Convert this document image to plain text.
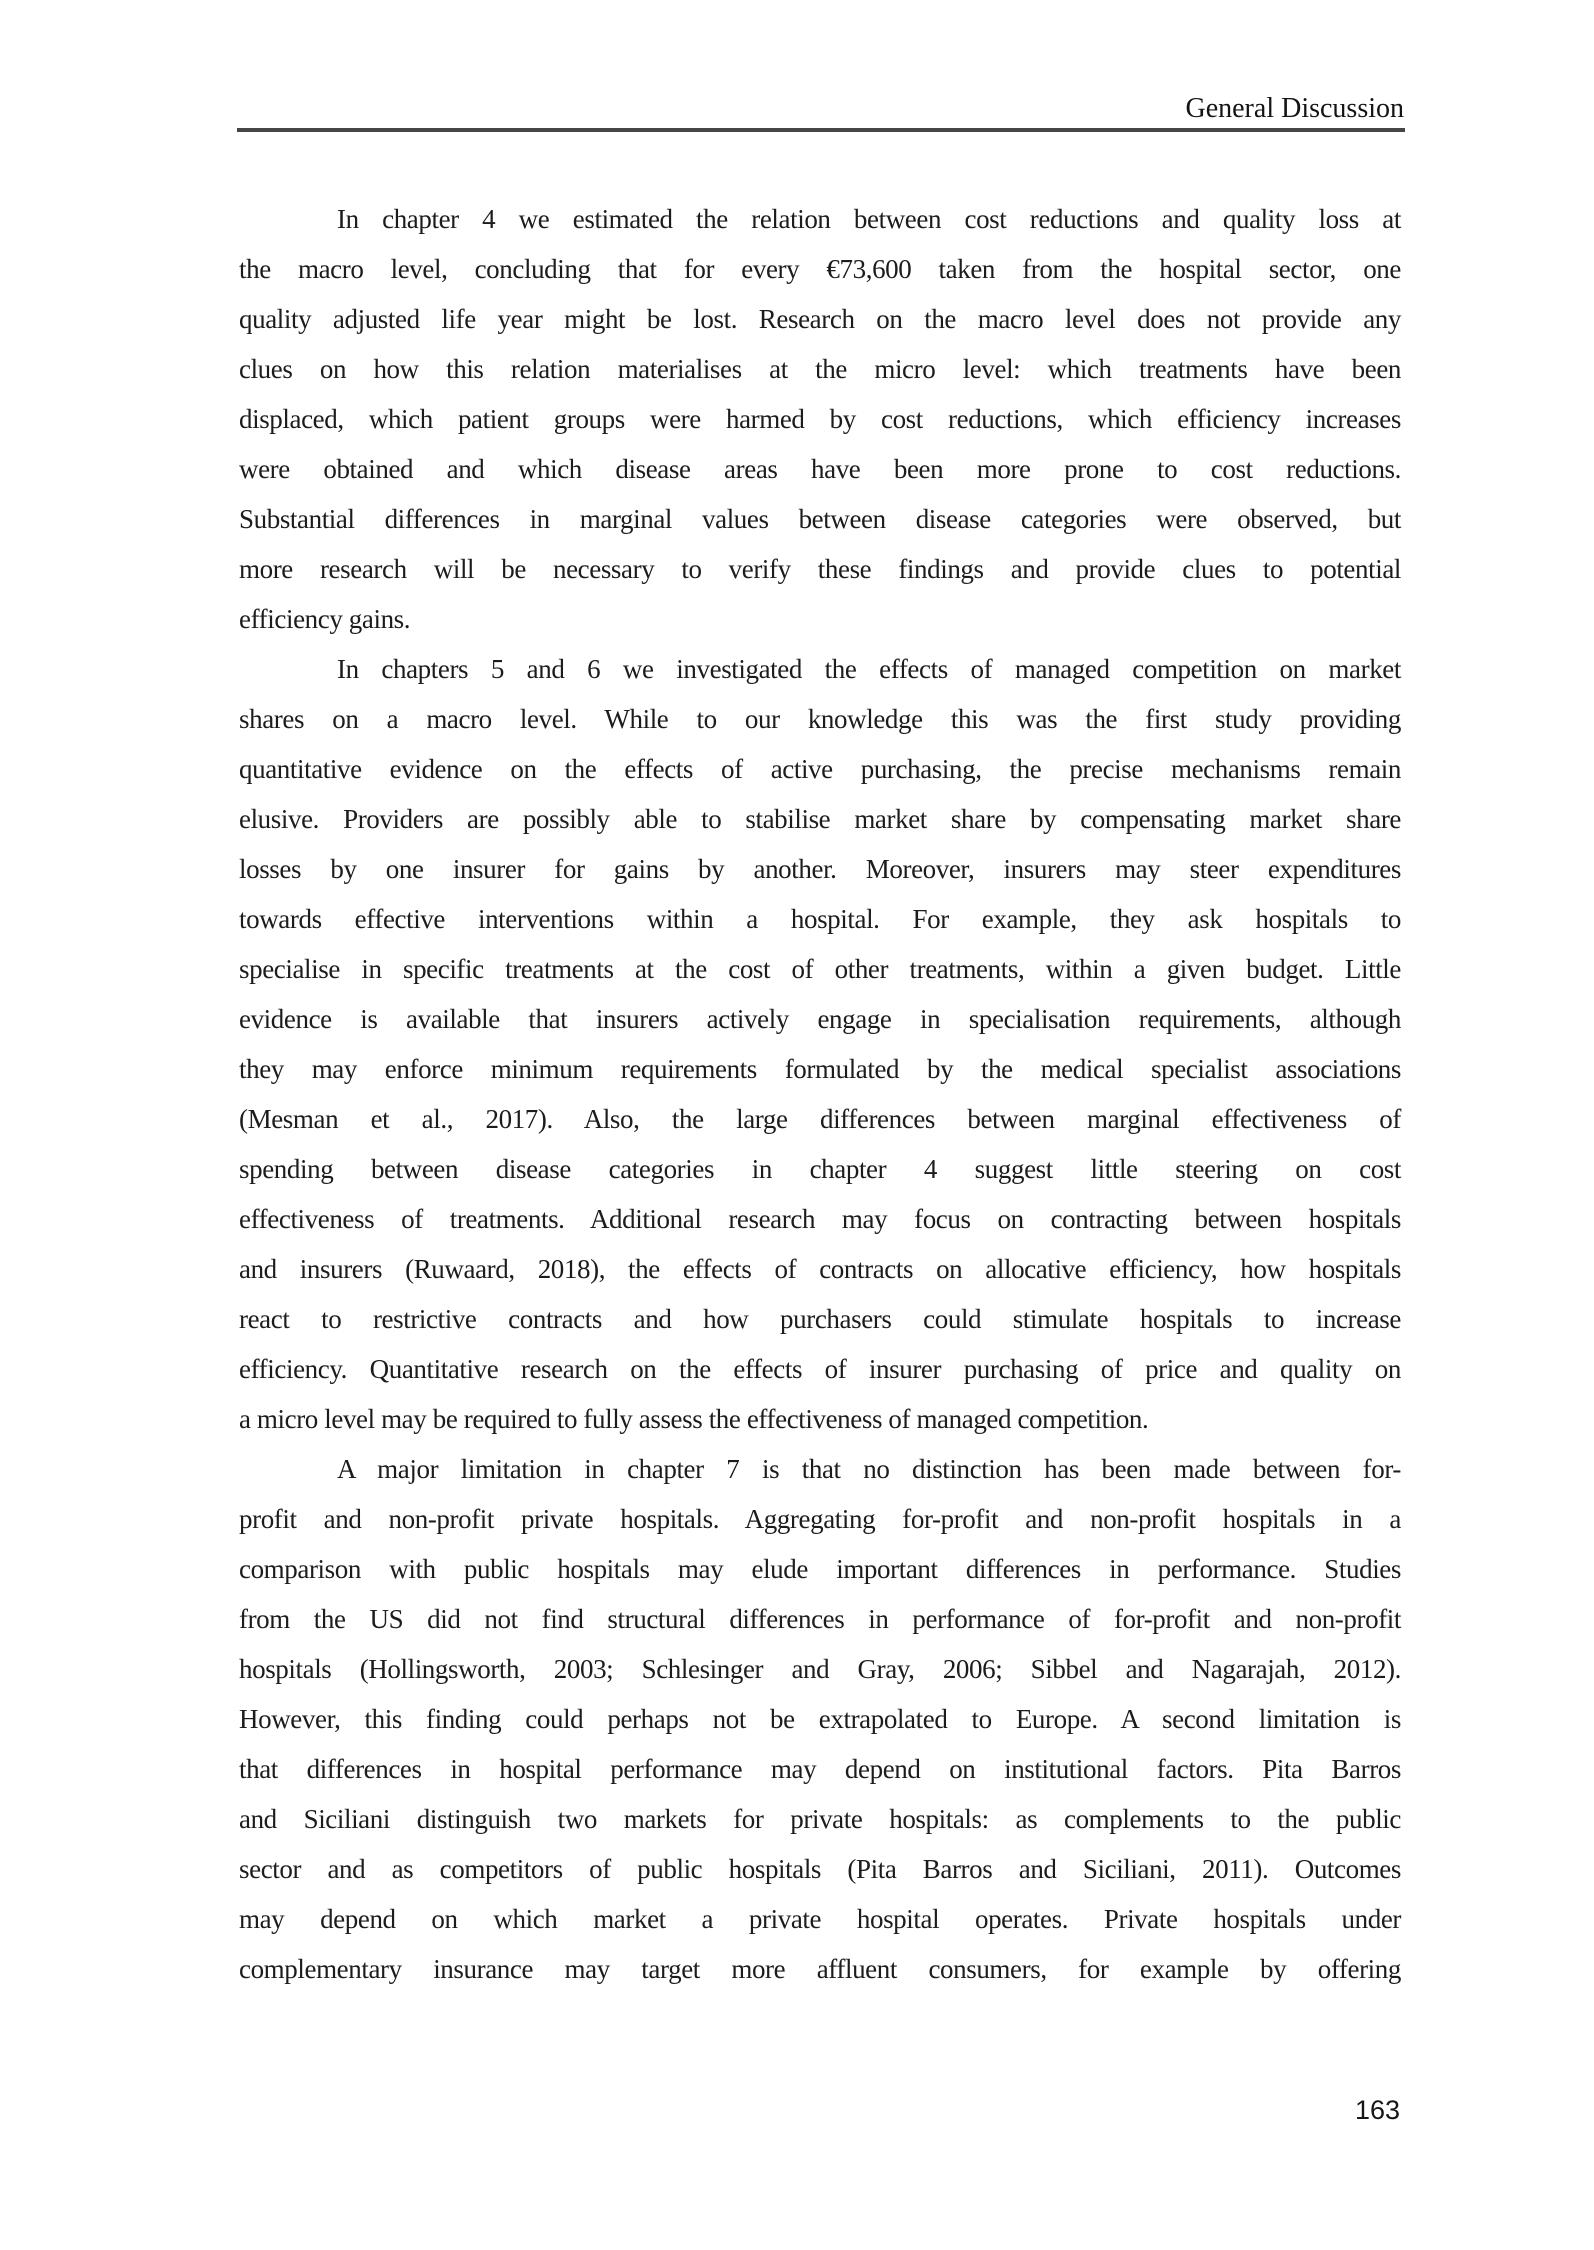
General Discussion
In chapter 4 we estimated the relation between cost reductions and quality loss at
the macro level, concluding that for every €73,600 taken from the hospital sector, one
quality adjusted life year might be lost. Research on the macro level does not provide any
clues on how this relation materialises at the micro level: which treatments have been
displaced, which patient groups were harmed by cost reductions, which efficiency increases
were obtained and which disease areas have been more prone to cost reductions.
Substantial differences in marginal values between disease categories were observed, but
more research will be necessary to verify these findings and provide clues to potential
efficiency gains.
In chapters 5 and 6 we investigated the effects of managed competition on market
shares on a macro level. While to our knowledge this was the first study providing
quantitative evidence on the effects of active purchasing, the precise mechanisms remain
elusive. Providers are possibly able to stabilise market share by compensating market share
losses by one insurer for gains by another. Moreover, insurers may steer expenditures
towards effective interventions within a hospital. For example, they ask hospitals to
specialise in specific treatments at the cost of other treatments, within a given budget. Little
evidence is available that insurers actively engage in specialisation requirements, although
they may enforce minimum requirements formulated by the medical specialist associations
(Mesman et al., 2017). Also, the large differences between marginal effectiveness of
spending between disease categories in chapter 4 suggest little steering on cost
effectiveness of treatments. Additional research may focus on contracting between hospitals
and insurers (Ruwaard, 2018), the effects of contracts on allocative efficiency, how hospitals
react to restrictive contracts and how purchasers could stimulate hospitals to increase
efficiency. Quantitative research on the effects of insurer purchasing of price and quality on
a micro level may be required to fully assess the effectiveness of managed competition.
A major limitation in chapter 7 is that no distinction has been made between for-
profit and non-profit private hospitals. Aggregating for-profit and non-profit hospitals in a
comparison with public hospitals may elude important differences in performance. Studies
from the US did not find structural differences in performance of for-profit and non-profit
hospitals (Hollingsworth, 2003; Schlesinger and Gray, 2006; Sibbel and Nagarajah, 2012).
However, this finding could perhaps not be extrapolated to Europe. A second limitation is
that differences in hospital performance may depend on institutional factors. Pita Barros
and Siciliani distinguish two markets for private hospitals: as complements to the public
sector and as competitors of public hospitals (Pita Barros and Siciliani, 2011). Outcomes
may depend on which market a private hospital operates. Private hospitals under
complementary insurance may target more affluent consumers, for example by offering
163
